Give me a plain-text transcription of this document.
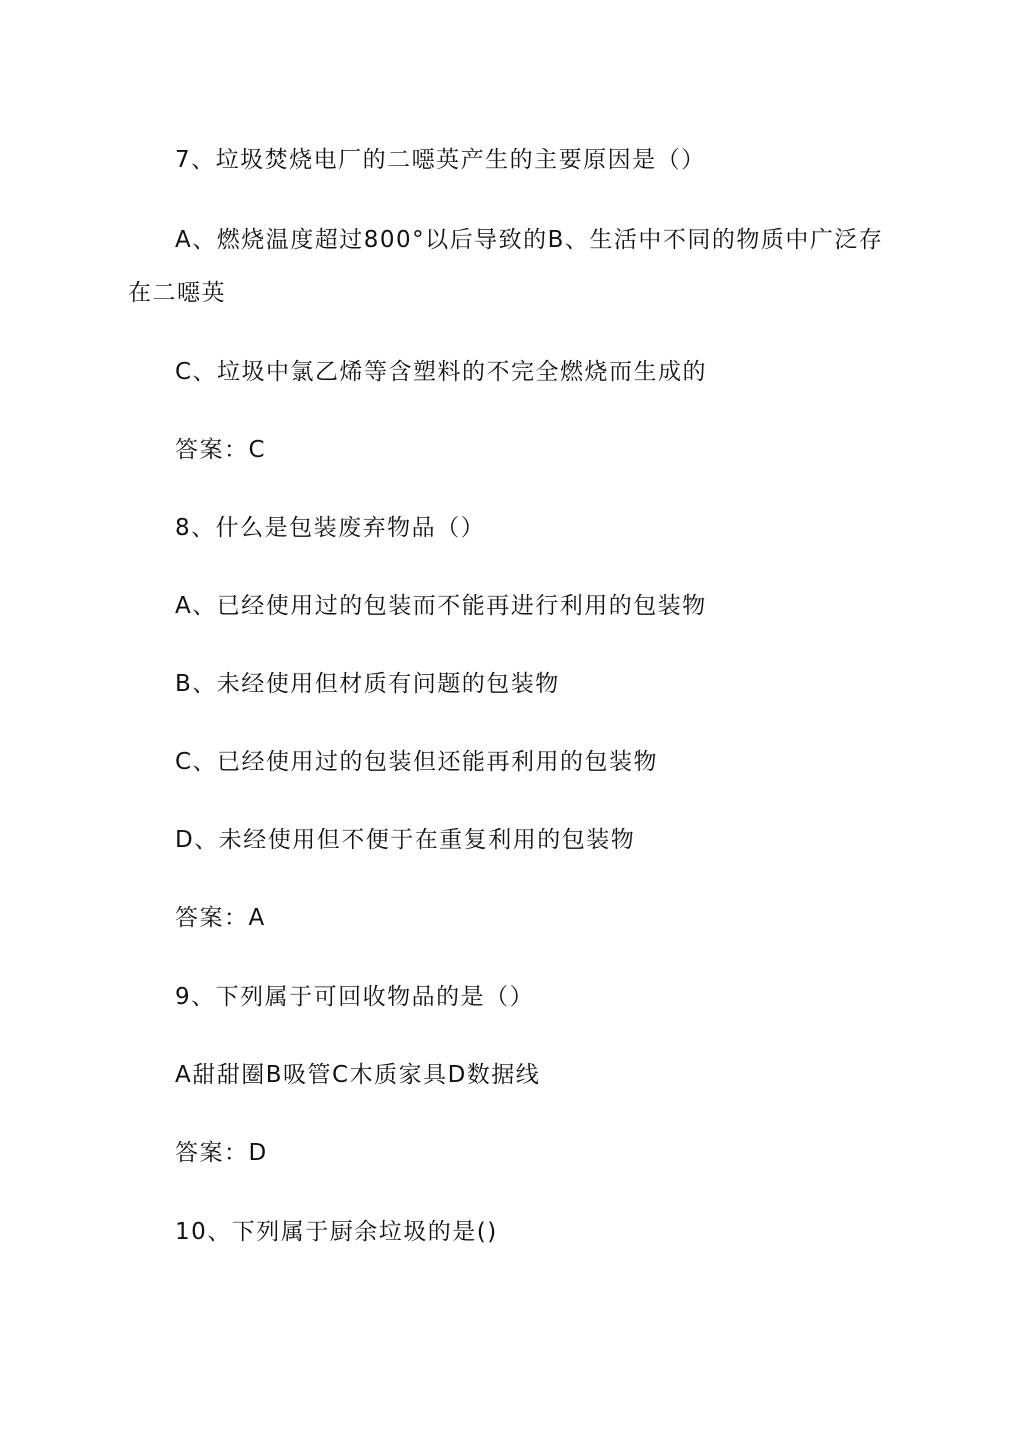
7、垃圾焚烧电厂的二噁英产生的主要原因是（）

A、燃烧温度超过800°以后导致的B、生活中不同的物质中广泛存

在二噁英

C、垃圾中氯乙烯等含塑料的不完全燃烧而生成的

答案：C

8、什么是包装废弃物品（）

A、已经使用过的包装而不能再进行利用的包装物

B、未经使用但材质有问题的包装物

C、已经使用过的包装但还能再利用的包装物

D、未经使用但不便于在重复利用的包装物

答案：A

9、下列属于可回收物品的是（）

A甜甜圈B吸管C木质家具D数据线

答案：D

10、下列属于厨余垃圾的是()
